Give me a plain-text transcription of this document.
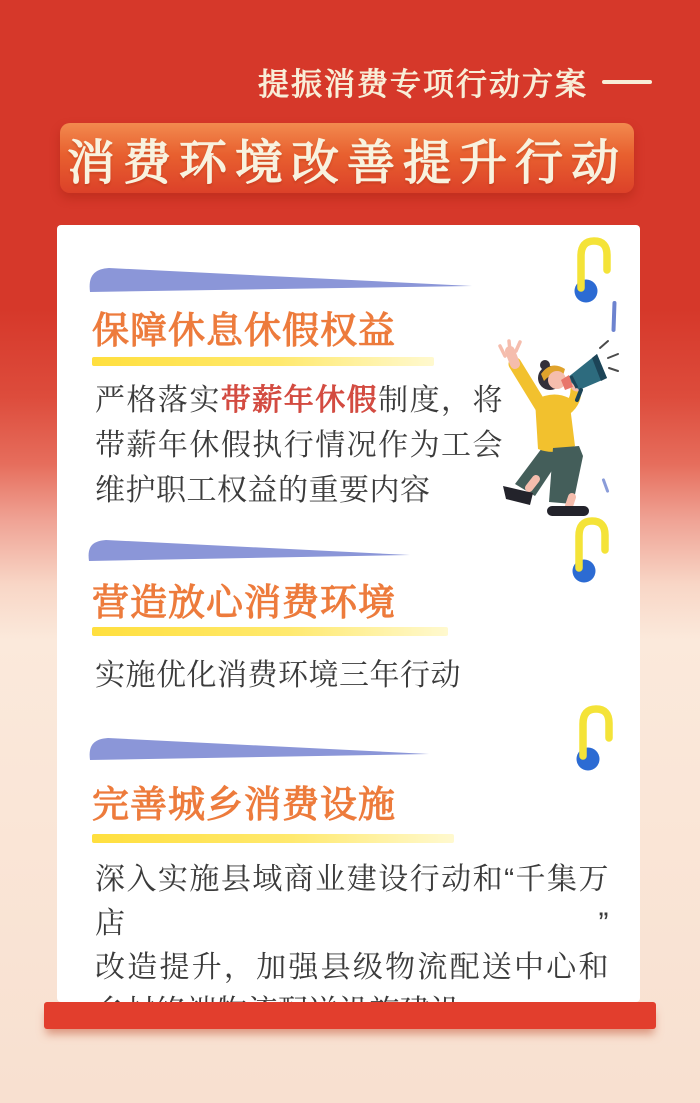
提振消费专项行动方案
消费环境改善提升行动
保障休息休假权益
严格落实带薪年休假制度，将
带薪年休假执行情况作为工会
维护职工权益的重要内容
营造放心消费环境
实施优化消费环境三年行动
完善城乡消费设施
深入实施县域商业建设行动和“千集万店”
改造提升，加强县级物流配送中心和
